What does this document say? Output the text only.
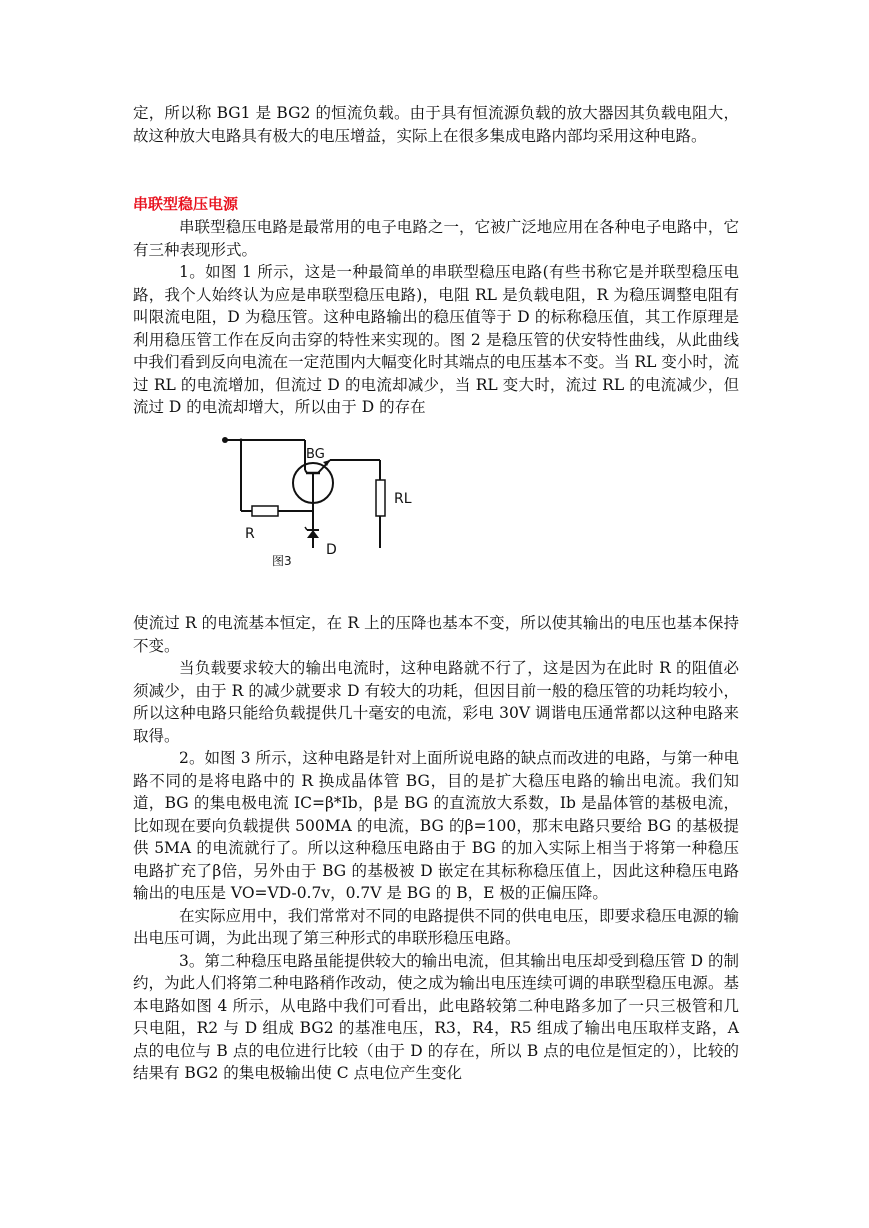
定，所以称 BG1 是 BG2 的恒流负载。由于具有恒流源负载的放大器因其负载电阻大，故这种放大电路具有极大的电压增益，实际上在很多集成电路内部均采用这种电路。

串联型稳压电源

串联型稳压电路是最常用的电子电路之一，它被广泛地应用在各种电子电路中，它有三种表现形式。

1。如图 1 所示，这是一种最简单的串联型稳压电路(有些书称它是并联型稳压电路，我个人始终认为应是串联型稳压电路)，电阻 RL 是负载电阻，R 为稳压调整电阻有叫限流电阻，D 为稳压管。这种电路输出的稳压值等于 D 的标称稳压值，其工作原理是利用稳压管工作在反向击穿的特性来实现的。图 2 是稳压管的伏安特性曲线，从此曲线中我们看到反向电流在一定范围内大幅变化时其端点的电压基本不变。当 RL 变小时，流过 RL 的电流增加，但流过 D 的电流却减少，当 RL 变大时，流过 RL 的电流减少，但流过 D 的电流却增大，所以由于 D 的存在

BG
RL
R
D
图3

使流过 R 的电流基本恒定，在 R 上的压降也基本不变，所以使其输出的电压也基本保持不变。

当负载要求较大的输出电流时，这种电路就不行了，这是因为在此时 R 的阻值必须减少，由于 R 的减少就要求 D 有较大的功耗，但因目前一般的稳压管的功耗均较小，所以这种电路只能给负载提供几十毫安的电流，彩电 30V 调谐电压通常都以这种电路来取得。

2。如图 3 所示，这种电路是针对上面所说电路的缺点而改进的电路，与第一种电路不同的是将电路中的 R 换成晶体管 BG，目的是扩大稳压电路的输出电流。我们知道，BG 的集电极电流 IC=β*Ib，β是 BG 的直流放大系数，Ib 是晶体管的基极电流，比如现在要向负载提供 500MA 的电流，BG 的β=100，那末电路只要给 BG 的基极提供 5MA 的电流就行了。所以这种稳压电路由于 BG 的加入实际上相当于将第一种稳压电路扩充了β倍，另外由于 BG 的基极被 D 嵌定在其标称稳压值上，因此这种稳压电路输出的电压是 VO=VD-0.7v，0.7V 是 BG 的 B，E 极的正偏压降。

在实际应用中，我们常常对不同的电路提供不同的供电电压，即要求稳压电源的输出电压可调，为此出现了第三种形式的串联形稳压电路。

3。第二种稳压电路虽能提供较大的输出电流，但其输出电压却受到稳压管 D 的制约，为此人们将第二种电路稍作改动，使之成为输出电压连续可调的串联型稳压电源。基本电路如图 4 所示，从电路中我们可看出，此电路较第二种电路多加了一只三极管和几只电阻，R2 与 D 组成 BG2 的基准电压，R3，R4，R5 组成了输出电压取样支路，A 点的电位与 B 点的电位进行比较（由于 D 的存在，所以 B 点的电位是恒定的），比较的结果有 BG2 的集电极输出使 C 点电位产生变化
